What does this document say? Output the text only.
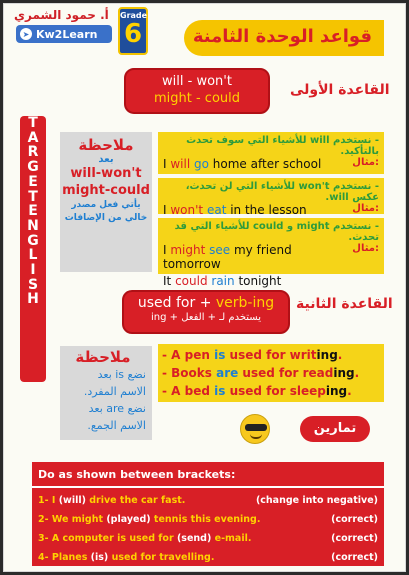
أ. حمود الشمري
➤ Kw2Learn
Grade
6	قواعد الوحدة الثامنة
will - won't
might - could
القاعدة الأولى
T
A
R
G
E
T
E
N
G
L
I
S
H
ملاحظة
بعد
will-won't
might-could
يأتي فعل مصدر
خالي من الإضافات
- نستخدم will للأشياء التي سوف تحدث بالتأكيد.
مثال:
I will go home after school
- نستخدم won't للأشياء التي لن تحدث، عكس will.
مثال:
I won't eat in the lesson
- نستخدم might و could للأشياء التي قد تحدث.
مثال:
I might see my friend tomorrow
It could rain tonight
used for + verb-ing
يستخدم لـ + الفعل + ing
القاعدة الثانية
ملاحظة
نضع is بعد
الاسم المفرد.
نضع are بعد
الاسم الجمع.
- A pen is used for writing.
- Books are used for reading.
- A bed is used for sleeping.
تمارين
Do as shown between brackets:
1- I (will) drive the car fast.	(change into negative)
2- We might (played) tennis this evening.	(correct)
3- A computer is used for (send) e-mail.	(correct)
4- Planes (is) used for travelling.	(correct)
